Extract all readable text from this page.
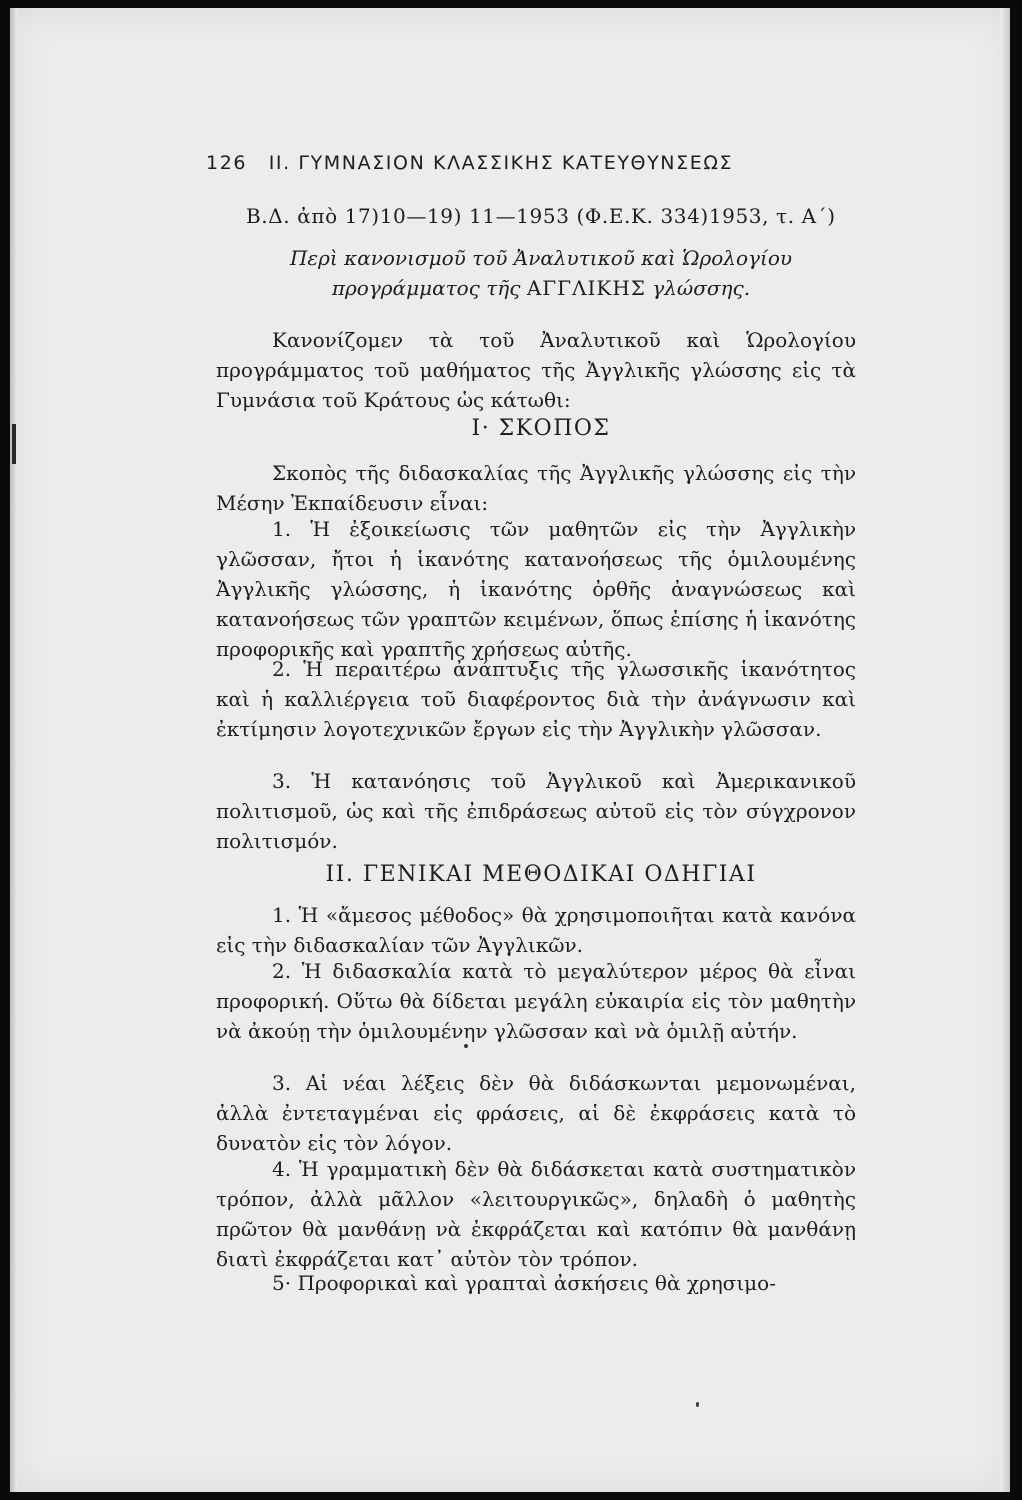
126 II. ΓΥΜΝΑΣΙΟΝ ΚΛΑΣΣΙΚΗΣ ΚΑΤΕΥΘΥΝΣΕΩΣ
Β.Δ. ἀπὸ 17)10—19) 11—1953 (Φ.Ε.Κ. 334)1953, τ. Α΄)
Περὶ κανονισμοῦ τοῦ Ἀναλυτικοῦ καὶ Ὡρολογίου προγράμματος τῆς ΑΓΓΛΙΚΗΣ γλώσσης.
Κανονίζομεν τὰ τοῦ Ἀναλυτικοῦ καὶ Ὡρολογίου προγράμματος τοῦ μαθήματος τῆς Ἀγγλικῆς γλώσσης εἰς τὰ Γυμνάσια τοῦ Κράτους ὡς κάτωθι:
Ι· ΣΚΟΠΟΣ
Σκοπὸς τῆς διδασκαλίας τῆς Ἀγγλικῆς γλώσσης εἰς τὴν Μέσην Ἐκπαίδευσιν εἶναι:
1. Ἡ ἐξοικείωσις τῶν μαθητῶν εἰς τὴν Ἀγγλικὴν γλῶσσαν, ἤτοι ἡ ἱκανότης κατανοήσεως τῆς ὁμιλουμένης Ἀγγλικῆς γλώσσης, ἡ ἱκανότης ὀρθῆς ἀναγνώσεως καὶ κατανοήσεως τῶν γραπτῶν κειμένων, ὅπως ἐπίσης ἡ ἱκανότης προφορικῆς καὶ γραπτῆς χρήσεως αὐτῆς.
2. Ἡ περαιτέρω ἀνάπτυξις τῆς γλωσσικῆς ἱκανότητος καὶ ἡ καλλιέργεια τοῦ διαφέροντος διὰ τὴν ἀνάγνωσιν καὶ ἐκτίμησιν λογοτεχνικῶν ἔργων εἰς τὴν Ἀγγλικὴν γλῶσσαν.
3. Ἡ κατανόησις τοῦ Ἀγγλικοῦ καὶ Ἀμερικανικοῦ πολιτισμοῦ, ὡς καὶ τῆς ἐπιδράσεως αὐτοῦ εἰς τὸν σύγχρονον πολιτισμόν.
II. ΓΕΝΙΚΑΙ ΜΕΘΟΔΙΚΑΙ ΟΔΗΓΙΑΙ
1. Ἡ «ἄμεσος μέθοδος» θὰ χρησιμοποιῆται κατὰ κανόνα εἰς τὴν διδασκαλίαν τῶν Ἀγγλικῶν.
2. Ἡ διδασκαλία κατὰ τὸ μεγαλύτερον μέρος θὰ εἶναι προφορική. Οὕτω θὰ δίδεται μεγάλη εὐκαιρία εἰς τὸν μαθητὴν νὰ ἀκούῃ τὴν ὁμιλουμένην γλῶσσαν καὶ νὰ ὁμιλῇ αὐτήν.
3. Αἱ νέαι λέξεις δὲν θὰ διδάσκωνται μεμονωμέναι, ἀλλὰ ἐντεταγμέναι εἰς φράσεις, αἱ δὲ ἐκφράσεις κατὰ τὸ δυνατὸν εἰς τὸν λόγον.
4. Ἡ γραμματικὴ δὲν θὰ διδάσκεται κατὰ συστηματικὸν τρόπον, ἀλλὰ μᾶλλον «λειτουργικῶς», δηλαδὴ ὁ μαθητὴς πρῶτον θὰ μανθάνῃ νὰ ἐκφράζεται καὶ κατόπιν θὰ μανθάνῃ διατὶ ἐκφράζεται κατ᾽ αὐτὸν τὸν τρόπον.
5· Προφορικαὶ καὶ γραπταὶ ἀσκήσεις θὰ χρησιμο-
